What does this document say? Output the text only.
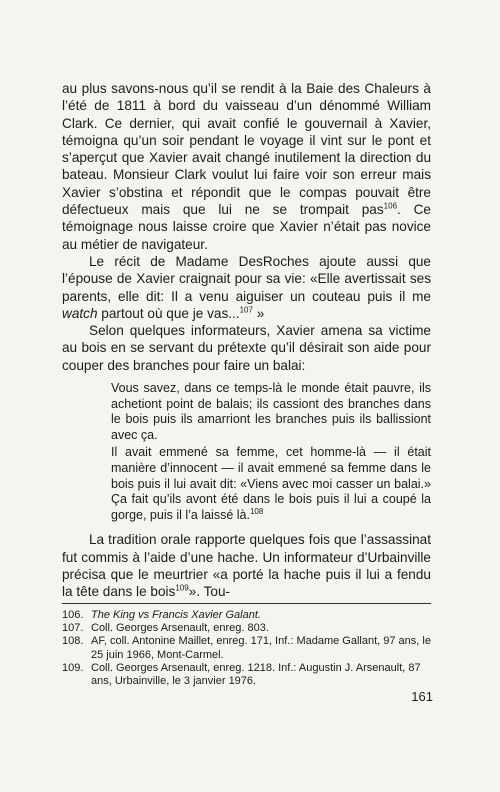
au plus savons-nous qu’il se rendit à la Baie des Chaleurs à l’été de 1811 à bord du vaisseau d’un dénommé William Clark. Ce dernier, qui avait confié le gouvernail à Xavier, témoigna qu’un soir pendant le voyage il vint sur le pont et s’aperçut que Xavier avait changé inutilement la direction du bateau. Monsieur Clark voulut lui faire voir son erreur mais Xavier s’obstina et répondit que le compas pouvait être défectueux mais que lui ne se trompait pas$^{106}$. Ce témoignage nous laisse croire que Xavier n’était pas novice au métier de navigateur.

Le récit de Madame DesRoches ajoute aussi que l’épouse de Xavier craignait pour sa vie: «Elle avertissait ses parents, elle dit: Il a venu aiguiser un couteau puis il me watch partout où que je vas...$^{107}$ »

Selon quelques informateurs, Xavier amena sa victime au bois en se servant du prétexte qu’il désirait son aide pour couper des branches pour faire un balai:

Vous savez, dans ce temps-là le monde était pauvre, ils achetiont point de balais; ils cassiont des branches dans le bois puis ils amarriont les branches puis ils ballissiont avec ça.

Il avait emmené sa femme, cet homme-là — il était manière d’innocent — il avait emmené sa femme dans le bois puis il lui avait dit: «Viens avec moi casser un balai.» Ça fait qu’ils avont été dans le bois puis il lui a coupé la gorge, puis il l’a laissé là.$^{108}$

La tradition orale rapporte quelques fois que l’assassinat fut commis à l’aide d’une hache. Un informateur d’Urbainville précisa que le meurtrier «a porté la hache puis il lui a fendu la tête dans le bois$^{109}$». Tou-

106. The King vs Francis Xavier Galant.
107. Coll. Georges Arsenault, enreg. 803.
108. AF, coll. Antonine Maillet, enreg. 171, Inf.: Madame Gallant, 97 ans, le 25 juin 1966, Mont-Carmel.
109. Coll. Georges Arsenault, enreg. 1218. Inf.: Augustin J. Arsenault, 87 ans, Urbainville, le 3 janvier 1976.
161
